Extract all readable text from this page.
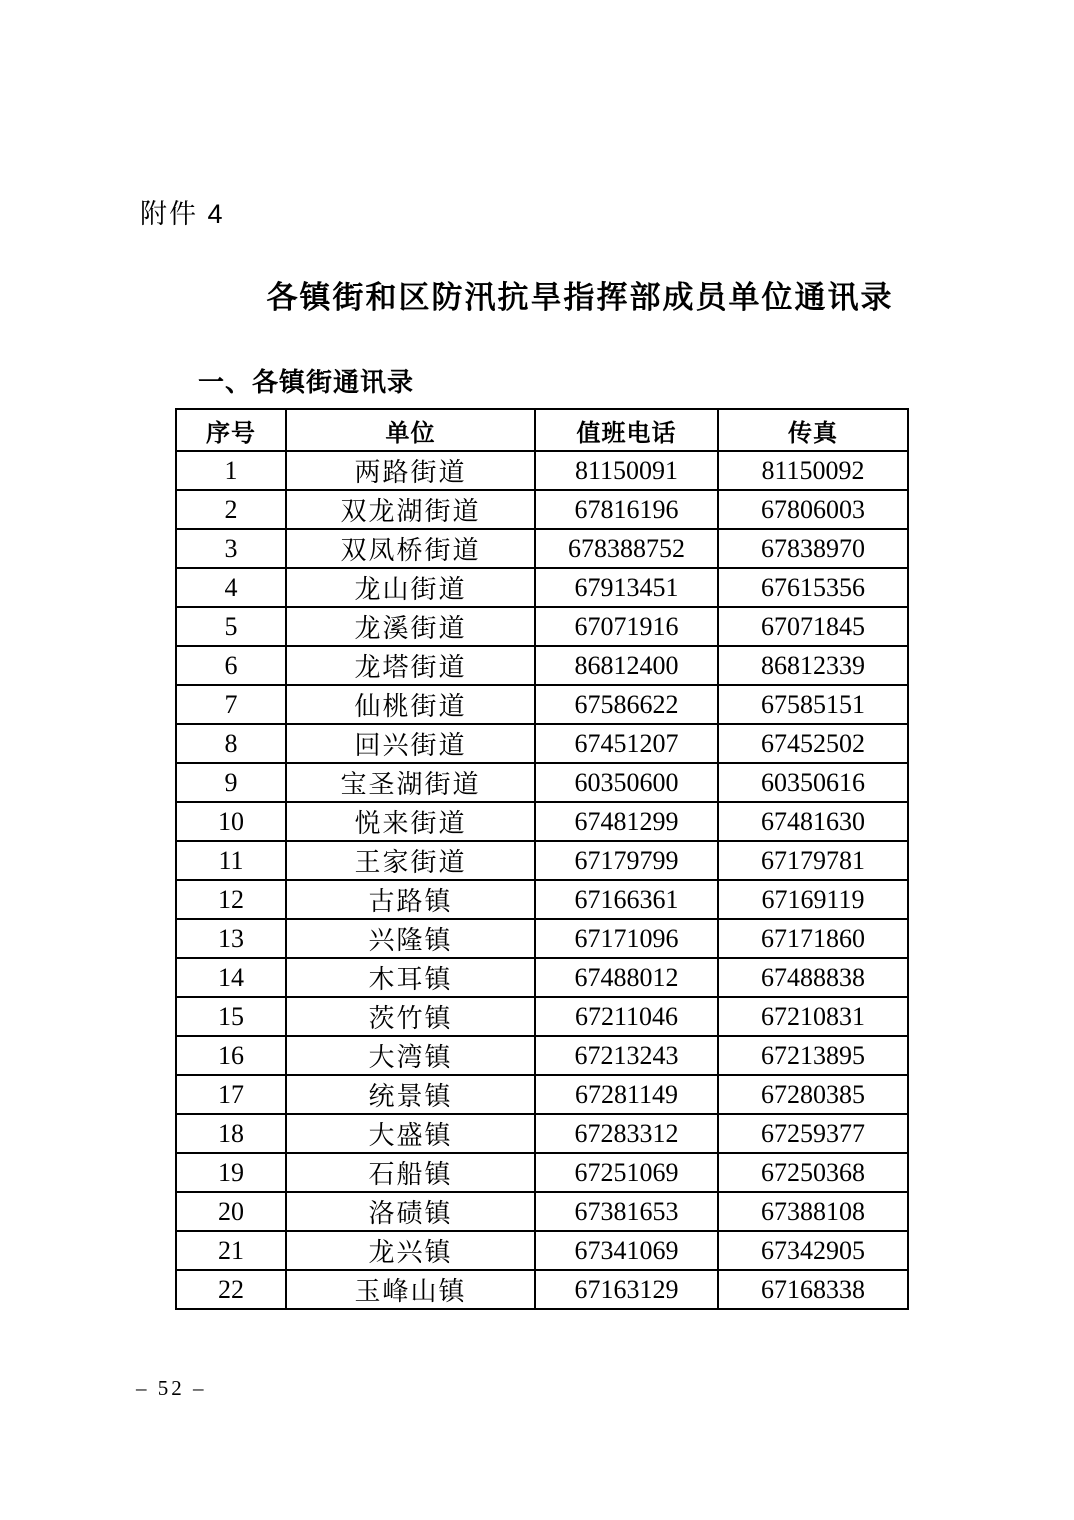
附件 4
各镇街和区防汛抗旱指挥部成员单位通讯录
一、各镇街通讯录
序号	单位	值班电话	传真
1	两路街道	81150091	81150092
2	双龙湖街道	67816196	67806003
3	双凤桥街道	678388752	67838970
4	龙山街道	67913451	67615356
5	龙溪街道	67071916	67071845
6	龙塔街道	86812400	86812339
7	仙桃街道	67586622	67585151
8	回兴街道	67451207	67452502
9	宝圣湖街道	60350600	60350616
10	悦来街道	67481299	67481630
11	王家街道	67179799	67179781
12	古路镇	67166361	67169119
13	兴隆镇	67171096	67171860
14	木耳镇	67488012	67488838
15	茨竹镇	67211046	67210831
16	大湾镇	67213243	67213895
17	统景镇	67281149	67280385
18	大盛镇	67283312	67259377
19	石船镇	67251069	67250368
20	洛碛镇	67381653	67388108
21	龙兴镇	67341069	67342905
22	玉峰山镇	67163129	67168338
– 52 –
